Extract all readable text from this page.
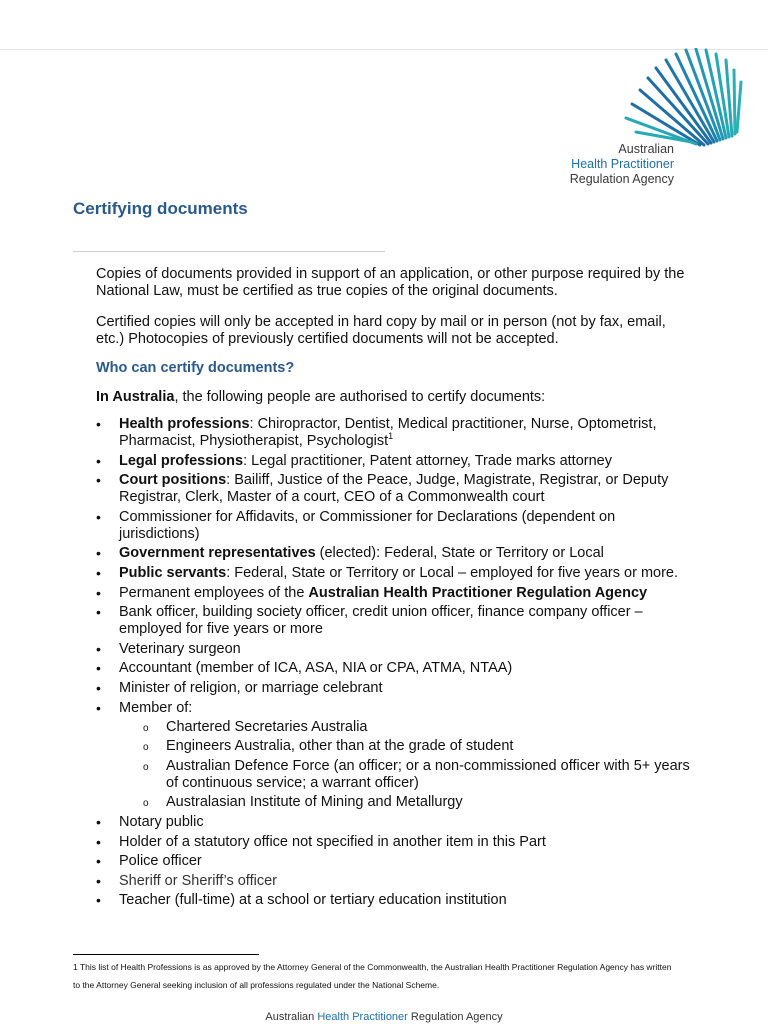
Australian
Health Practitioner
Regulation Agency
Certifying documents

Copies of documents provided in support of an application, or other purpose required by the National Law, must be certified as true copies of the original documents.

Certified copies will only be accepted in hard copy by mail or in person (not by fax, email, etc.) Photocopies of previously certified documents will not be accepted.

Who can certify documents?

In Australia, the following people are authorised to certify documents:

• Health professions: Chiropractor, Dentist, Medical practitioner, Nurse, Optometrist, Pharmacist, Physiotherapist, Psychologist$^1$
• Legal professions: Legal practitioner, Patent attorney, Trade marks attorney
• Court positions: Bailiff, Justice of the Peace, Judge, Magistrate, Registrar, or Deputy Registrar, Clerk, Master of a court, CEO of a Commonwealth court
• Commissioner for Affidavits, or Commissioner for Declarations (dependent on jurisdictions)
• Government representatives (elected): Federal, State or Territory or Local
• Public servants: Federal, State or Territory or Local – employed for five years or more.
• Permanent employees of the Australian Health Practitioner Regulation Agency
• Bank officer, building society officer, credit union officer, finance company officer – employed for five years or more
• Veterinary surgeon
• Accountant (member of ICA, ASA, NIA or CPA, ATMA, NTAA)
• Minister of religion, or marriage celebrant
• Member of:
o Chartered Secretaries Australia
o Engineers Australia, other than at the grade of student
o Australian Defence Force (an officer; or a non-commissioned officer with 5+ years of continuous service; a warrant officer)
o Australasian Institute of Mining and Metallurgy
• Notary public
• Holder of a statutory office not specified in another item in this Part
• Police officer
• Sheriff or Sheriff’s officer
• Teacher (full-time) at a school or tertiary education institution

1 This list of Health Professions is as approved by the Attorney General of the Commonwealth, the Australian Health Practitioner Regulation Agency has written to the Attorney General seeking inclusion of all professions regulated under the National Scheme.

Australian Health Practitioner Regulation Agency
